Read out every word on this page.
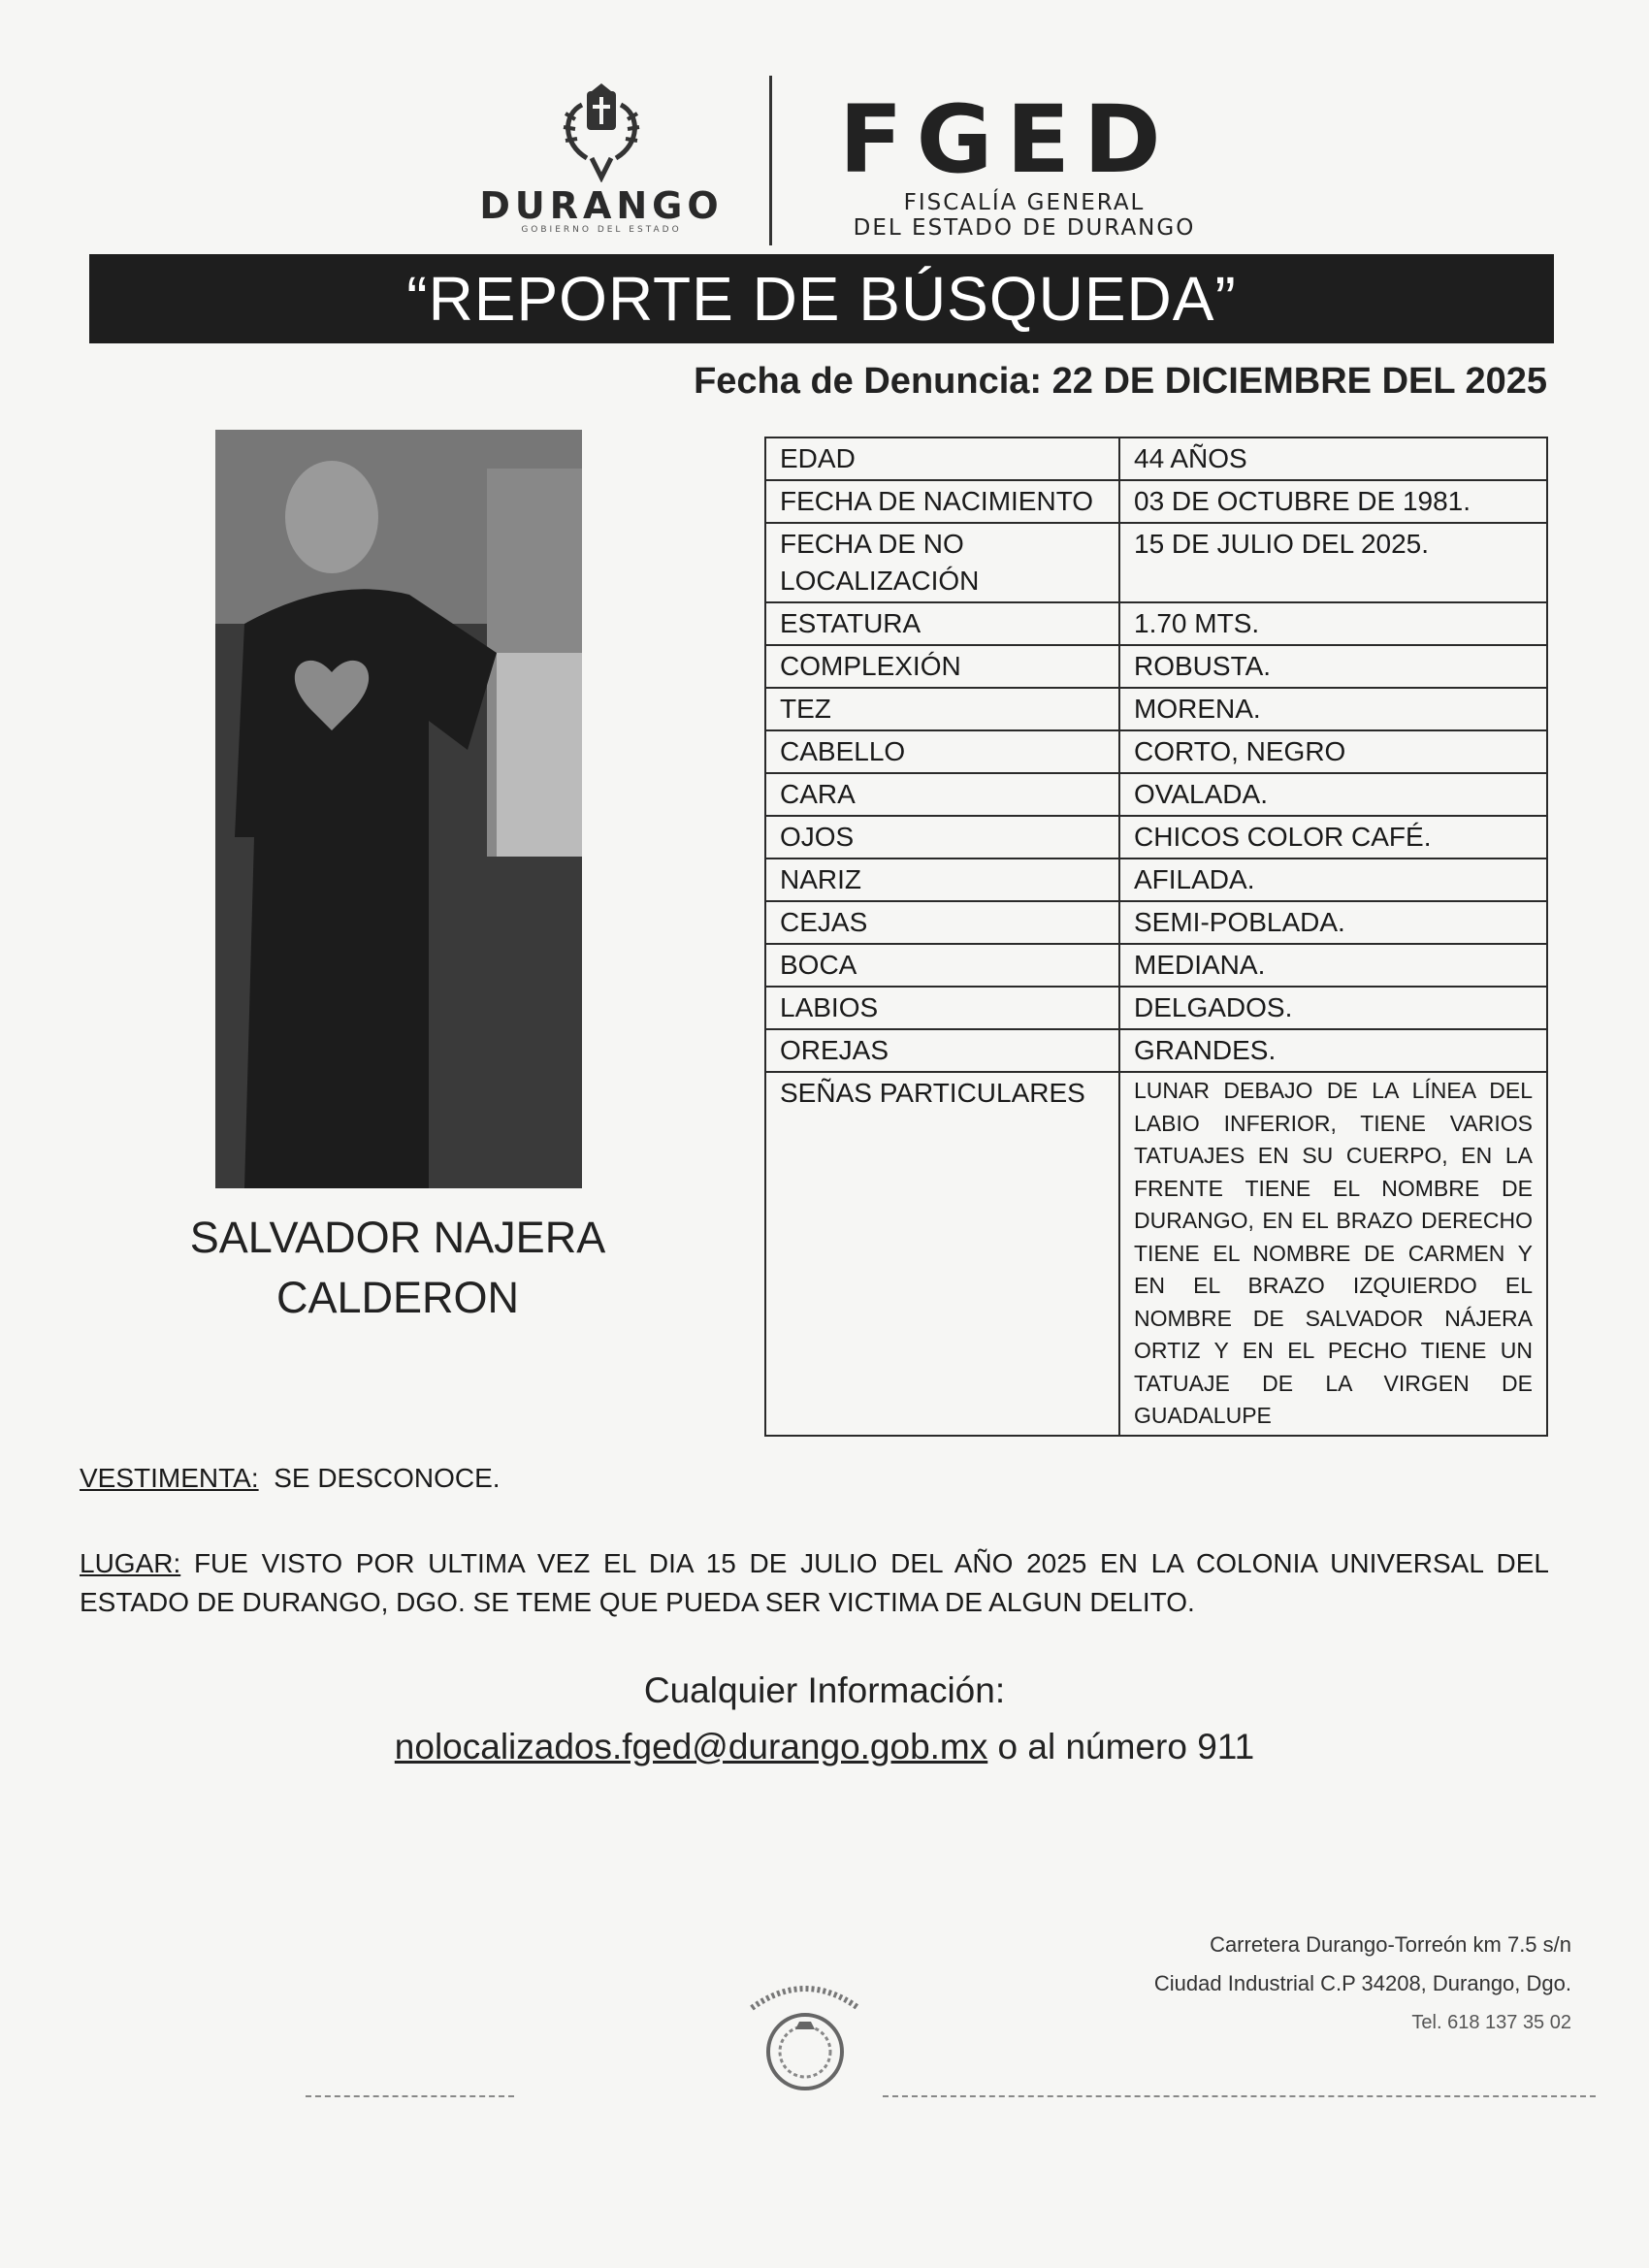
DURANGO
GOBIERNO DEL ESTADO
FGED
FISCALÍA GENERAL
DEL ESTADO DE DURANGO
“REPORTE DE BÚSQUEDA”
Fecha de Denuncia: 22 DE DICIEMBRE DEL 2025
SALVADOR NAJERA
CALDERON
EDAD	44 AÑOS
FECHA DE NACIMIENTO	03 DE OCTUBRE DE 1981.
FECHA DE NO LOCALIZACIÓN	15 DE JULIO DEL 2025.
ESTATURA	1.70 MTS.
COMPLEXIÓN	ROBUSTA.
TEZ	MORENA.
CABELLO	CORTO, NEGRO
CARA	OVALADA.
OJOS	CHICOS COLOR CAFÉ.
NARIZ	AFILADA.
CEJAS	SEMI-POBLADA.
BOCA	MEDIANA.
LABIOS	DELGADOS.
OREJAS	GRANDES.
SEÑAS PARTICULARES	LUNAR DEBAJO DE LA LÍNEA DEL LABIO INFERIOR, TIENE VARIOS TATUAJES EN SU CUERPO, EN LA FRENTE TIENE EL NOMBRE DE DURANGO, EN EL BRAZO DERECHO TIENE EL NOMBRE DE CARMEN Y EN EL BRAZO IZQUIERDO EL NOMBRE DE SALVADOR NÁJERA ORTIZ Y EN EL PECHO TIENE UN TATUAJE DE LA VIRGEN DE GUADALUPE
VESTIMENTA: SE DESCONOCE.
LUGAR: FUE VISTO POR ULTIMA VEZ EL DIA 15 DE JULIO DEL AÑO 2025 EN LA COLONIA UNIVERSAL DEL ESTADO DE DURANGO, DGO. SE TEME QUE PUEDA SER VICTIMA DE ALGUN DELITO.
Cualquier Información:
nolocalizados.fged@durango.gob.mx o al número 911
Carretera Durango-Torreón km 7.5 s/n
Ciudad Industrial C.P 34208, Durango, Dgo.
Tel. 618 137 35 02
